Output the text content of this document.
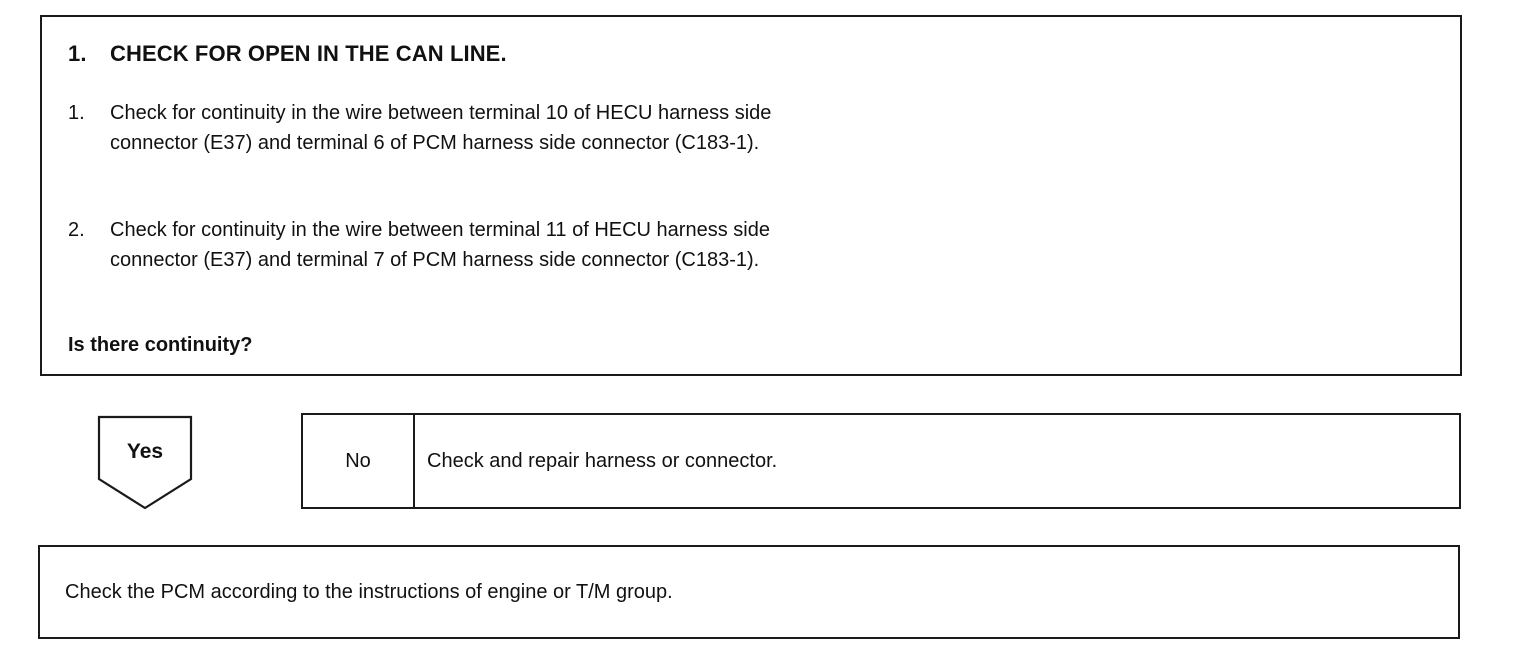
1. CHECK FOR OPEN IN THE CAN LINE.
1.	Check for continuity in the wire between terminal 10 of HECU harness side connector (E37) and terminal 6 of PCM harness side connector (C183-1).
2.	Check for continuity in the wire between terminal 11 of HECU harness side connector (E37) and terminal 7 of PCM harness side connector (C183-1).
Is there continuity?
Yes	No	Check and repair harness or connector.
Check the PCM according to the instructions of engine or T/M group.
